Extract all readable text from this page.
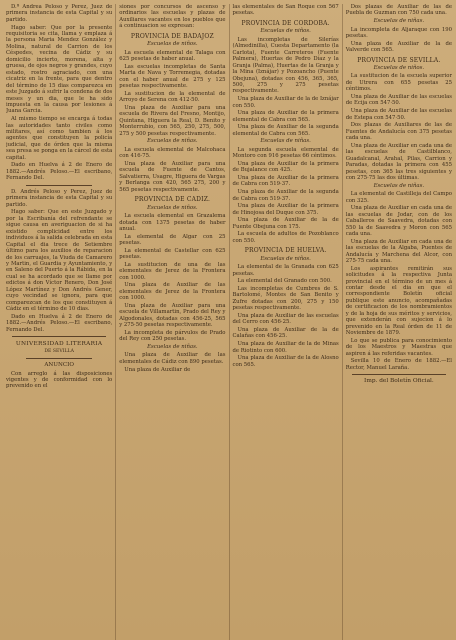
D.ª Andrea Peloso y Perez, Juez de primera instancia de esta Capital y su partido.

Hago saber: Que por la presente requisitoria se cita, llama y emplaza á la persona Maria Mendez González y Molina, natural de Carrion de los Céspedes, vecina de Cádiz y su domicilio incierto, morena, alta y gruesa, de ojos negros y grandes, cuyo estado, rostro agraciado, con una cicatriz en la frente, para que dentro del término de 15 dias comparezca en este Juzgado á sufrir la condena de dos meses y un dia, que le ha sido impuesta en la causa por lesiones á Juana Garcia.

Al mismo tiempo se encarga á todas las autoridades tanto civiles como militares, así como tambien á los agentes que constituyen la policía judicial, que de órden que la misma sea presa se ponga en la cárcel de esta capital.

Dado en Huelva á 2 de Enero de 1882.—Andrés Peloso.—El escribano, Fernando Del.

D. Andrés Peloso y Perez, Juez de primera instancia de esta Capital y su partido.

Hago saber: Que en este Juzgado y por la Escribanía del refrendante se sigue causa en averiguacion de si ha existido complicidad entre los individuos á la salida celebrada en esta Capital el dia trece de Setiembre último para los auxilios de reparacion de los carruajes, la Viuda de Camarero y Martin, el Guardia y Ayuntamiento, y en Saleno del Puerto á la Rábida, en la cual se ha acordado que se llame por edictos á don Víctor Renero, Don José López Martínez y Don Andrés Gener, cuyo vecindad se ignora, para que comparezcan de los que constituyen á Cádiz en el término de 10 dias.

Dado en Huelva á 2 de Enero de 1882.—Andrés Peloso.—El escribano, Fernando Del.

UNIVERSIDAD LITERARIA
DE SEVILLA
ANUNCIO

Con arreglo á las disposiciones vigentes y de conformidad con lo prevenido en el

siones por concursos de ascenso y ordinarios las escuelas y plazas de Auxiliares vacantes en los pueblos que á continuacion se expresan:

PROVINCIA DE BADAJOZ
Escuelas de niños.

La escuela elemental de Talaga con 625 pesetas de haber anual.

Las escuelas incompletas de Santa Marta de Nava y Torremegia, dotadas con el haber anual de 275 y 125 pesetas respectivamente.

La sustitucion de la elemental de Arroyo de Serena con 412·50.

Una plaza de Auxiliar para una escuela de Rivera del Fresno, Montijo, Quintana, Higuera la Real, D. Benito y Monterrubio, con 565, 250, 275, 500, 275 y 500 pesetas respectivamente.

Escuelas de niñas.

La escuela elemental de Malcohaca con 416·75.

Una plaza de Auxiliar para una escuela de Fuente de Cantos, Salvatierra, Usagre, Higuera de Vargas y Berlanga con 420, 565 275, 200 y 565 pesetas respectivamente.

PROVINCIA DE CADIZ.
Escuelas de niños.

La escuela elemental en Grazalema dotada con 1375 pesetas de haber anual.

La elemental de Algar con 25 pesetas.

La elemental de Castellar con 625 pesetas.

La sustitucion de una de las elementales de Jerez de la Frontera con 1000.

Una plaza de Auxiliar de las elementales de Jerez de la Frontera con 1000.

Una plaza de Auxiliar para una escuela de Villamartin, Prado del Rey y Algodonales, dotadas con 456·25, 565 y 275·50 pesetas respectivamente.

La incompleta de párvulos de Prado del Rey con 250 pesetas.

Escuelas de niñas.

Una plaza de Auxiliar de las elementales de Cádiz con 890 pesetas.

Una plaza de Auxiliar de

las elementales de San Roque con 567 pesetas.

PROVINCIA DE CORDOBA.
Escuelas de niños.

Las incompletas de Silerías (Almedinilla), Cuesta Departamento (la Carlota), Fuente Carreteros (Fuente Palmera), Huertas de Pedro Díaz y la Granja (Palma), Huertas de la Granja y la Mina (Iznájar) y Pozoancho (Puente Obejuna), dotadas con 456, 365, 365, 500, 275 y 275 pesetas respectivamente.

Una plaza de Auxiliar de la de Iznájar con 550.

Una plaza de Auxiliar de la primera elemental de Cabra con 565.

Una plaza de Auxiliar de la segunda elemental de Cabra con 565.

Escuelas de niñas.

La segunda escuela elemental de Montoro con 916 pesetas 66 céntimos.

Una plaza de Auxiliar de la primera de Bujalance con 425.

Una plaza de Auxiliar de la primera de Cabra con 519·37.

Una plaza de Auxiliar de la segunda de Cabra con 519·37.

Una plaza de Auxiliar de la primera de Hinojosa del Duque con 375.

Una plaza de Auxiliar de la de Fuente Obejuna con 175.

La escuela de adultos de Pozoblanco con 550.

PROVINCIA DE HUELVA.
Escuelas de niños.

La elemental de la Granada con 625 pesetas.

La elemental del Granado con 500.

Las incompletas de Cumbres de S. Bartolomé, Montes de San Benito y Zufre dotadas con 200, 275 y 150 pesetas respectivamente.

Una plaza de Auxiliar de las escuelas del Cerro con 456·25.

Una plaza de Auxiliar de la de Calañas con 456·25.

Una plaza de Auxiliar de la de Minas de Riotinto con 600.

Una plaza de Auxiliar de la de Alosno con 565.

Dos plazas de Auxiliar de las de Puebla de Guzman con 750 cada una.

Escuelas de niñas.

La incompleta de Aljaraque con 190 pesetas.

Una plaza de Auxiliar de la de Valverde con 565.

PROVINCIA DE SEVILLA.
Escuelas de niños.

La sustitucion de la escuela superior de Utrera con 655 pesetas 25 céntimos.

Una plaza de Auxiliar de las escuelas de Ecija con 547·50.

Una plaza de Auxiliar de las escuelas de Estepa con 547·50.

Dos plazas de Auxiliares de las de Fuentes de Andalucía con 375 pesetas cada una.

Una plaza de Auxiliar en cada una de las escuelas de Castilblanco, Guadalcanal, Arahal, Pilas, Carrion y Paradas, dotadas la primera con 455 pesetas, con 365 las tres siguientes y con 275·75 las dos últimas.

Escuelas de niñas.

La elemental de Castilleja del Campo con 325.

Una plaza de Auxiliar en cada una de las escuelas de Jodar, con de los Caballeros de Saavedra, dotadas con 550 la de Saavedra y Moron con 565 cada una.

Una plaza de Auxiliar en cada una de las escuelas de la Algaba, Puentes de Andalucía y Marchena del Alcor, con 275·75 cada una.

Los aspirantes remitirán sus solicitudes á la respectiva Junta provincial en el término de un mes á contar desde el dia en que el correspondiente Boletín oficial publique este anuncio, acompañadas de certificacion de los nombramientos y de la hoja de sus méritos y servicios, que extenderán con sujecion á lo prevenido en la Real órden de 11 de Noviembre de 1879.

Lo que se publica para conocimiento de los Maestros y Maestras que aspiren á las referidas vacantes.

Sevilla 10 de Enero de 1882.—El Rector, Manuel Laraña.

Imp. del Boletín Oficial.
